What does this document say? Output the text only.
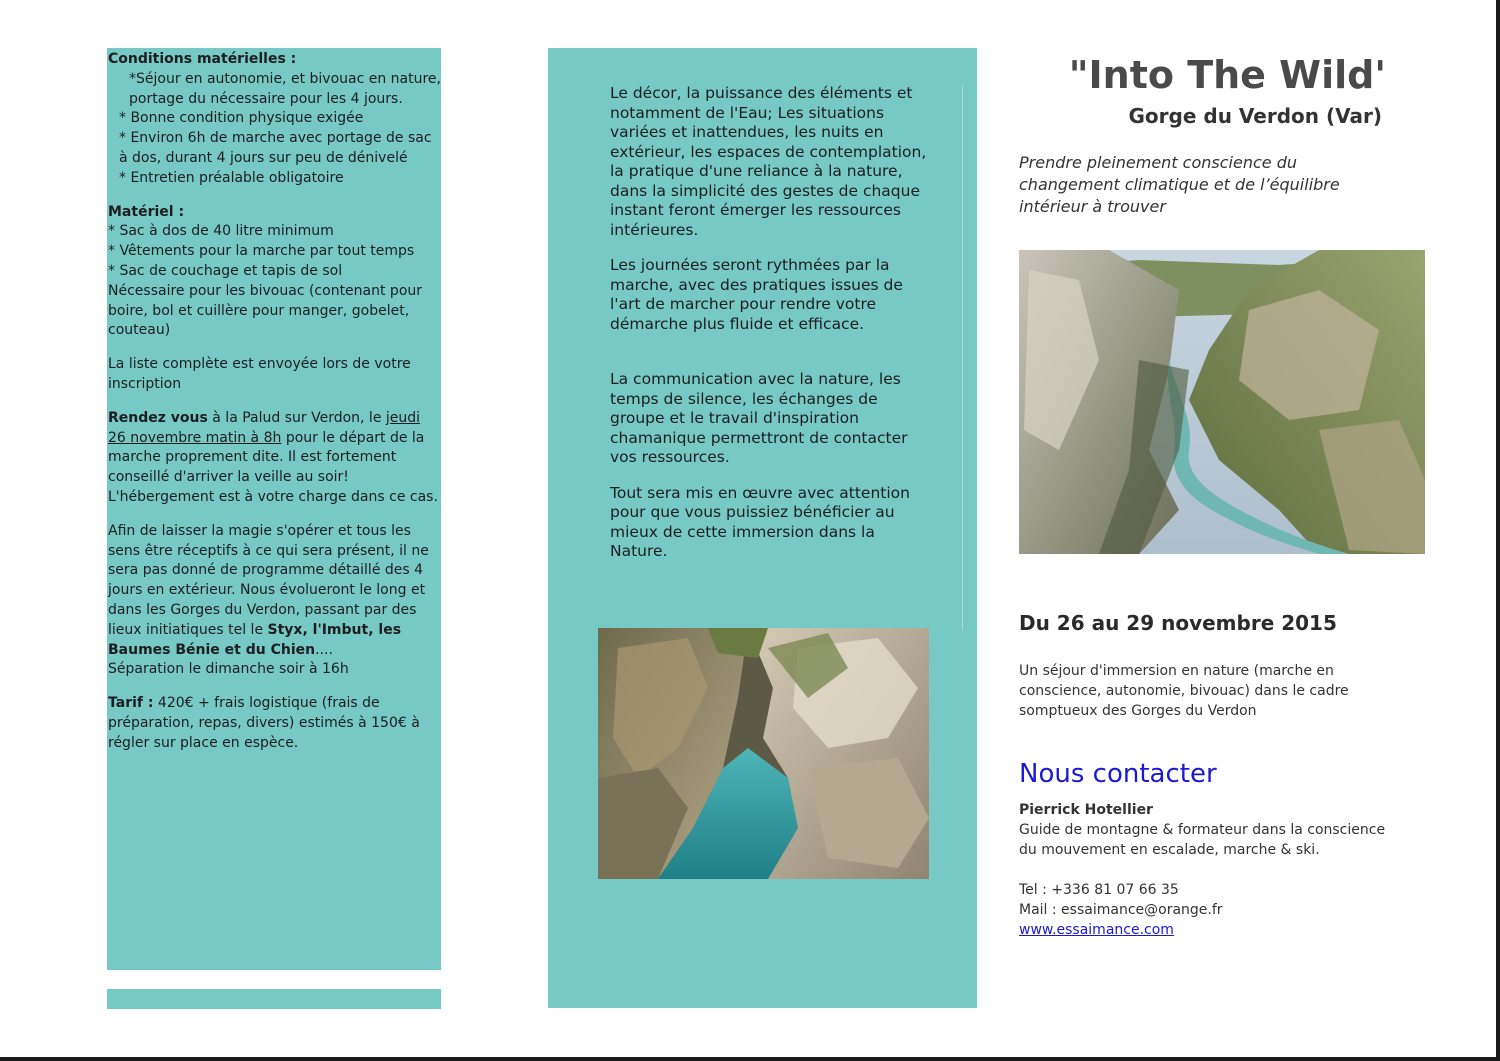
Conditions matérielles :

*Séjour en autonomie, et bivouac en nature, portage du nécessaire pour les 4 jours.

* Bonne condition physique exigée

* Environ 6h de marche avec portage de sac à dos, durant 4 jours sur peu de dénivelé

* Entretien préalable obligatoire

Matériel :

* Sac à dos de 40 litre minimum

* Vêtements pour la marche par tout temps

* Sac de couchage et tapis de sol

Nécessaire pour les bivouac (contenant pour boire, bol et cuillère pour manger, gobelet, couteau)

La liste complète est envoyée lors de votre inscription

Rendez vous à la Palud sur Verdon, le jeudi 26 novembre matin à 8h pour le départ de la marche proprement dite. Il est fortement conseillé d'arriver la veille au soir! L'hébergement est à votre charge dans ce cas.

Afin de laisser la magie s'opérer et tous les sens être réceptifs à ce qui sera présent, il ne sera pas donné de programme détaillé des 4 jours en extérieur. Nous évolueront le long et dans les Gorges du Verdon, passant par des lieux initiatiques tel le Styx, l'Imbut, les Baumes Bénie et du Chien....

Séparation le dimanche soir à 16h

Tarif : 420€ + frais logistique (frais de préparation, repas, divers) estimés à 150€ à régler sur place en espèce.

Le décor, la puissance des éléments et notamment de l'Eau; Les situations variées et inattendues, les nuits en extérieur, les espaces de contemplation, la pratique d'une reliance à la nature, dans la simplicité des gestes de chaque instant feront émerger les ressources intérieures.

Les journées seront rythmées par la marche, avec des pratiques issues de l'art de marcher pour rendre votre démarche plus fluide et efficace.

La communication avec la nature, les temps de silence, les échanges de groupe et le travail d'inspiration chamanique permettront de contacter vos ressources.

Tout sera mis en œuvre avec attention pour que vous puissiez bénéficier au mieux de cette immersion dans la Nature.

"Into The Wild'
Gorge du Verdon (Var)
Prendre pleinement conscience du changement climatique et de l’équilibre intérieur à trouver
Du 26 au 29 novembre 2015
Un séjour d'immersion en nature (marche en conscience, autonomie, bivouac) dans le cadre somptueux des Gorges du Verdon
Nous contacter

Pierrick Hotellier

Guide de montagne & formateur dans la conscience du mouvement en escalade, marche & ski.

Tel : +336 81 07 66 35

Mail : essaimance@orange.fr

www.essaimance.com
